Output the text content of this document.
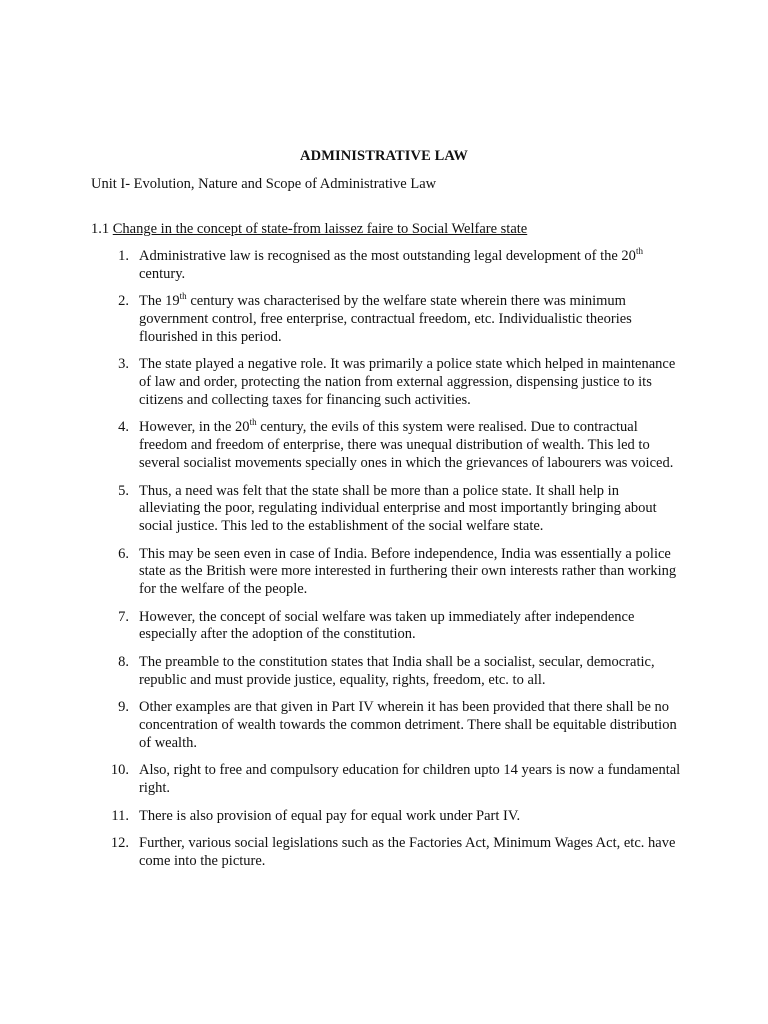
ADMINISTRATIVE LAW
Unit I- Evolution, Nature and Scope of Administrative Law
1.1 Change in the concept of state-from laissez faire to Social Welfare state
1. Administrative law is recognised as the most outstanding legal development of the 20th century.
2. The 19th century was characterised by the welfare state wherein there was minimum government control, free enterprise, contractual freedom, etc. Individualistic theories flourished in this period.
3. The state played a negative role. It was primarily a police state which helped in maintenance of law and order, protecting the nation from external aggression, dispensing justice to its citizens and collecting taxes for financing such activities.
4. However, in the 20th century, the evils of this system were realised. Due to contractual freedom and freedom of enterprise, there was unequal distribution of wealth. This led to several socialist movements specially ones in which the grievances of labourers was voiced.
5. Thus, a need was felt that the state shall be more than a police state. It shall help in alleviating the poor, regulating individual enterprise and most importantly bringing about social justice. This led to the establishment of the social welfare state.
6. This may be seen even in case of India. Before independence, India was essentially a police state as the British were more interested in furthering their own interests rather than working for the welfare of the people.
7. However, the concept of social welfare was taken up immediately after independence especially after the adoption of the constitution.
8. The preamble to the constitution states that India shall be a socialist, secular, democratic, republic and must provide justice, equality, rights, freedom, etc. to all.
9. Other examples are that given in Part IV wherein it has been provided that there shall be no concentration of wealth towards the common detriment. There shall be equitable distribution of wealth.
10. Also, right to free and compulsory education for children upto 14 years is now a fundamental right.
11. There is also provision of equal pay for equal work under Part IV.
12. Further, various social legislations such as the Factories Act, Minimum Wages Act, etc. have come into the picture.
